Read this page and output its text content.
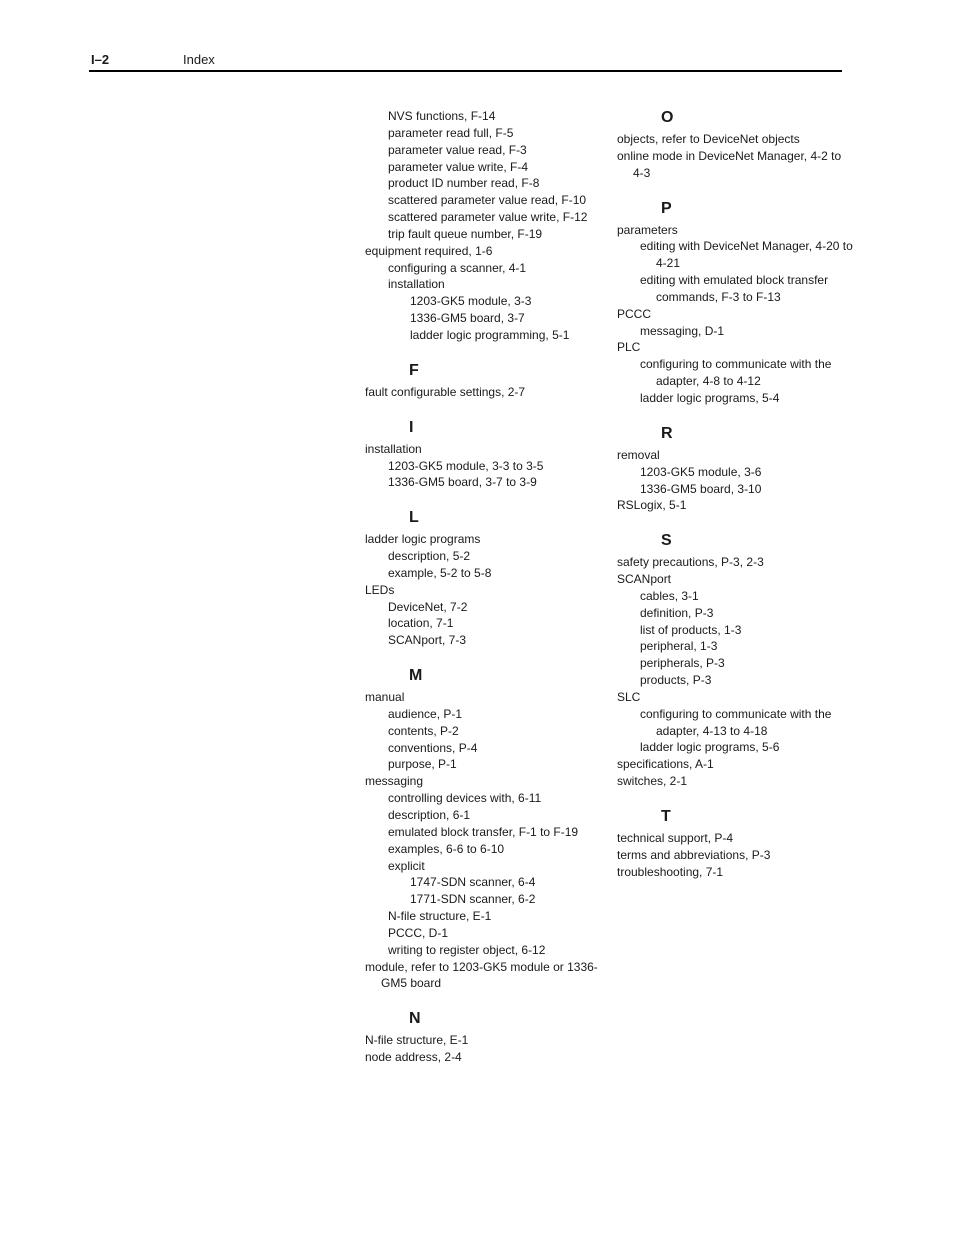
I–2	Index
NVS functions, F-14
parameter read full, F-5
parameter value read, F-3
parameter value write, F-4
product ID number read, F-8
scattered parameter value read, F-10
scattered parameter value write, F-12
trip fault queue number, F-19
equipment required, 1-6
configuring a scanner, 4-1
installation
1203-GK5 module, 3-3
1336-GM5 board, 3-7
ladder logic programming, 5-1
F
fault configurable settings, 2-7
I
installation
1203-GK5 module, 3-3 to 3-5
1336-GM5 board, 3-7 to 3-9
L
ladder logic programs
description, 5-2
example, 5-2 to 5-8
LEDs
DeviceNet, 7-2
location, 7-1
SCANport, 7-3
M
manual
audience, P-1
contents, P-2
conventions, P-4
purpose, P-1
messaging
controlling devices with, 6-11
description, 6-1
emulated block transfer, F-1 to F-19
examples, 6-6 to 6-10
explicit
1747-SDN scanner, 6-4
1771-SDN scanner, 6-2
N-file structure, E-1
PCCC, D-1
writing to register object, 6-12
module, refer to 1203-GK5 module or 1336-GM5 board
N
N-file structure, E-1
node address, 2-4
O
objects, refer to DeviceNet objects
online mode in DeviceNet Manager, 4-2 to 4-3
P
parameters
editing with DeviceNet Manager, 4-20 to 4-21
editing with emulated block transfer commands, F-3 to F-13
PCCC
messaging, D-1
PLC
configuring to communicate with the adapter, 4-8 to 4-12
ladder logic programs, 5-4
R
removal
1203-GK5 module, 3-6
1336-GM5 board, 3-10
RSLogix, 5-1
S
safety precautions, P-3, 2-3
SCANport
cables, 3-1
definition, P-3
list of products, 1-3
peripheral, 1-3
peripherals, P-3
products, P-3
SLC
configuring to communicate with the adapter, 4-13 to 4-18
ladder logic programs, 5-6
specifications, A-1
switches, 2-1
T
technical support, P-4
terms and abbreviations, P-3
troubleshooting, 7-1
